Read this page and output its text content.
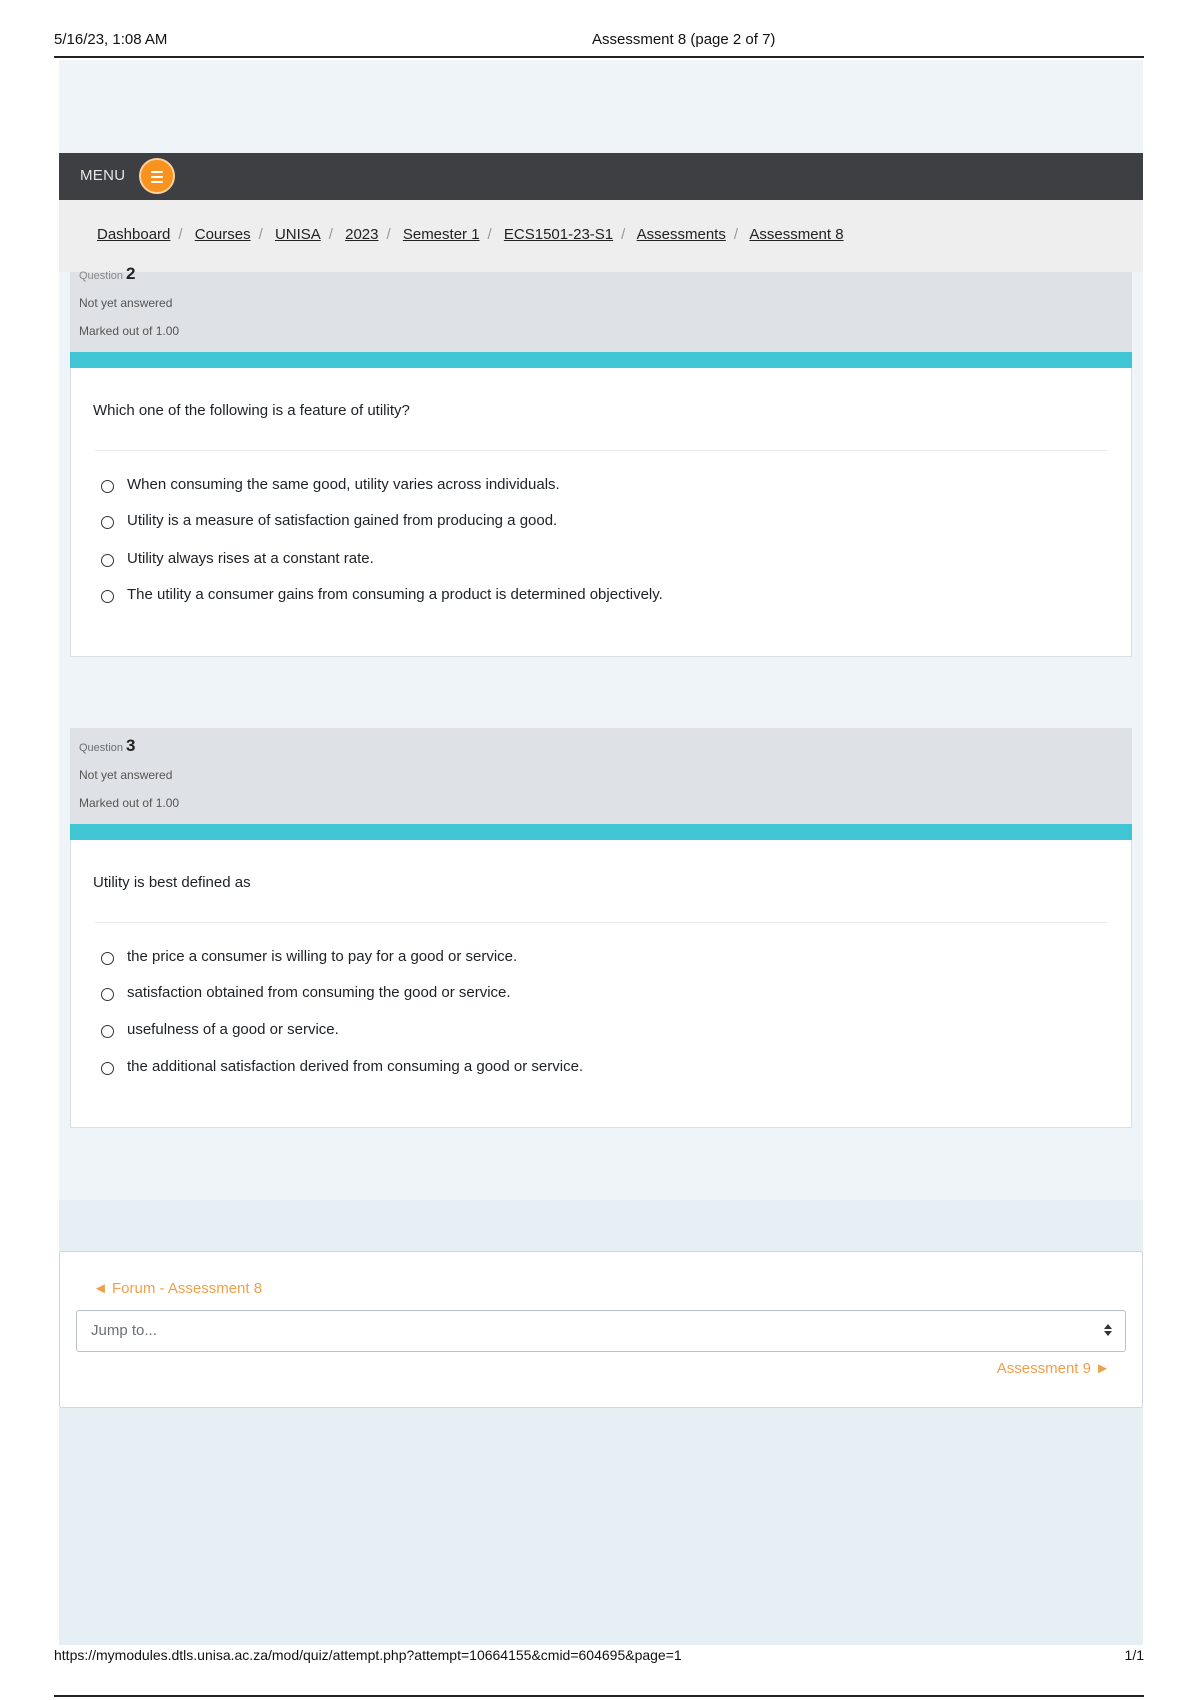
5/16/23, 1:08 AM	Assessment 8 (page 2 of 7)
MENU
Dashboard / Courses / UNISA / 2023 / Semester 1 / ECS1501-23-S1 / Assessments / Assessment 8
Question 2
Not yet answered
Marked out of 1.00
Which one of the following is a feature of utility?
When consuming the same good, utility varies across individuals.
Utility is a measure of satisfaction gained from producing a good.
Utility always rises at a constant rate.
The utility a consumer gains from consuming a product is determined objectively.
Question 3
Not yet answered
Marked out of 1.00
Utility is best defined as
the price a consumer is willing to pay for a good or service.
satisfaction obtained from consuming the good or service.
usefulness of a good or service.
the additional satisfaction derived from consuming a good or service.
◄ Forum - Assessment 8
Jump to...
Assessment 9 ►
https://mymodules.dtls.unisa.ac.za/mod/quiz/attempt.php?attempt=10664155&cmid=604695&page=1	1/1
